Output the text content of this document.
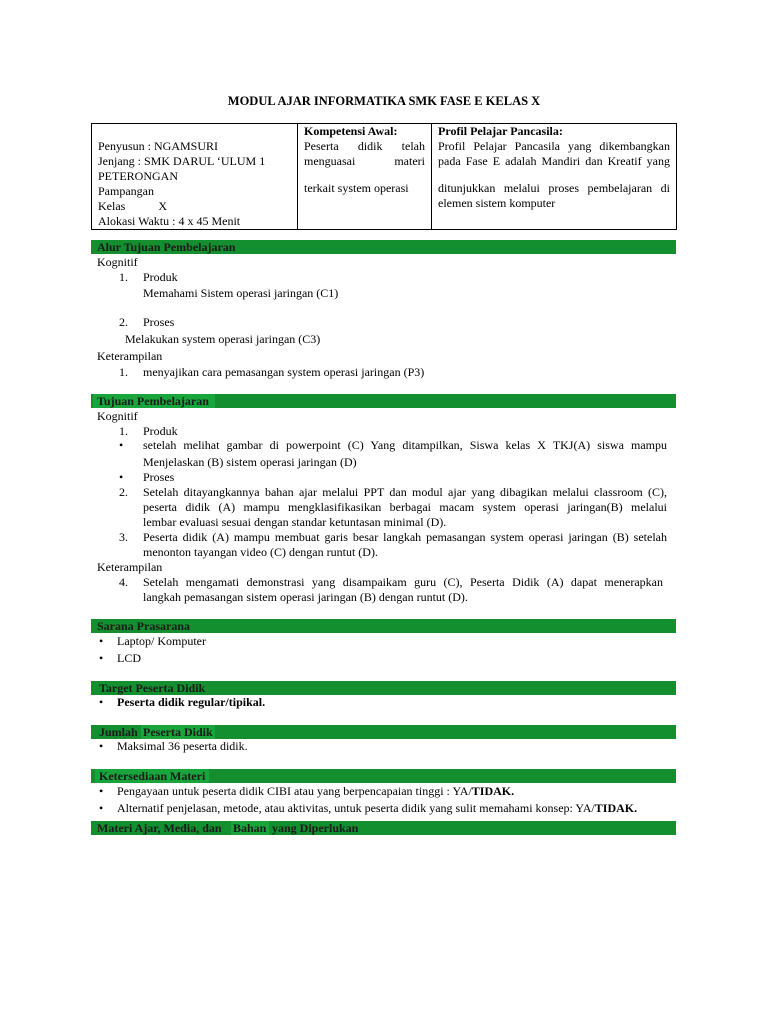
MODUL AJAR INFORMATIKA SMK FASE E KELAS X
Penyusun : NGAMSURI
Jenjang : SMK DARUL ‘ULUM 1
PETERONGAN
Pampangan
Kelas	X
Alokasi Waktu : 4 x 45 Menit

Kompetensi Awal:
Peserta didik telah
menguasai materi
terkait system operasi

Profil Pelajar Pancasila:
Profil Pelajar Pancasila yang dikembangkan
pada Fase E adalah Mandiri dan Kreatif yang
ditunjukkan melalui proses pembelajaran di
elemen sistem komputer
Alur Tujuan Pembelajaran
Kognitif
1. Produk
Memahami Sistem operasi jaringan (C1)
2. Proses
Melakukan system operasi jaringan (C3)
Keterampilan
1. menyajikan cara pemasangan system operasi jaringan (P3)
Tujuan Pembelajaran
Kognitif
1. Produk
• setelah melihat gambar di powerpoint (C) Yang ditampilkan, Siswa kelas X TKJ(A) siswa mampu
Menjelaskan (B) sistem operasi jaringan (D)
• Proses
2. Setelah ditayangkannya bahan ajar melalui PPT dan modul ajar yang dibagikan melalui classroom (C),
peserta didik (A) mampu mengklasifikasikan berbagai macam system operasi jaringan(B) melalui
lembar evaluasi sesuai dengan standar ketuntasan minimal (D).
3. Peserta didik (A) mampu membuat garis besar langkah pemasangan system operasi jaringan (B) setelah
menonton tayangan video (C) dengan runtut (D).
Keterampilan
4. Setelah mengamati demonstrasi yang disampaikam guru (C), Peserta Didik (A) dapat menerapkan
langkah pemasangan sistem operasi jaringan (B) dengan runtut (D).
Sarana Prasarana
• Laptop/ Komputer
• LCD
Target Peserta Didik
• Peserta didik regular/tipikal.
Jumlah Peserta Didik
• Maksimal 36 peserta didik.
Ketersediaan Materi
• Pengayaan untuk peserta didik CIBI atau yang berpencapaian tinggi : YA/TIDAK.
• Alternatif penjelasan, metode, atau aktivitas, untuk peserta didik yang sulit memahami konsep: YA/TIDAK.
Materi Ajar, Media, dan Bahan yang Diperlukan
